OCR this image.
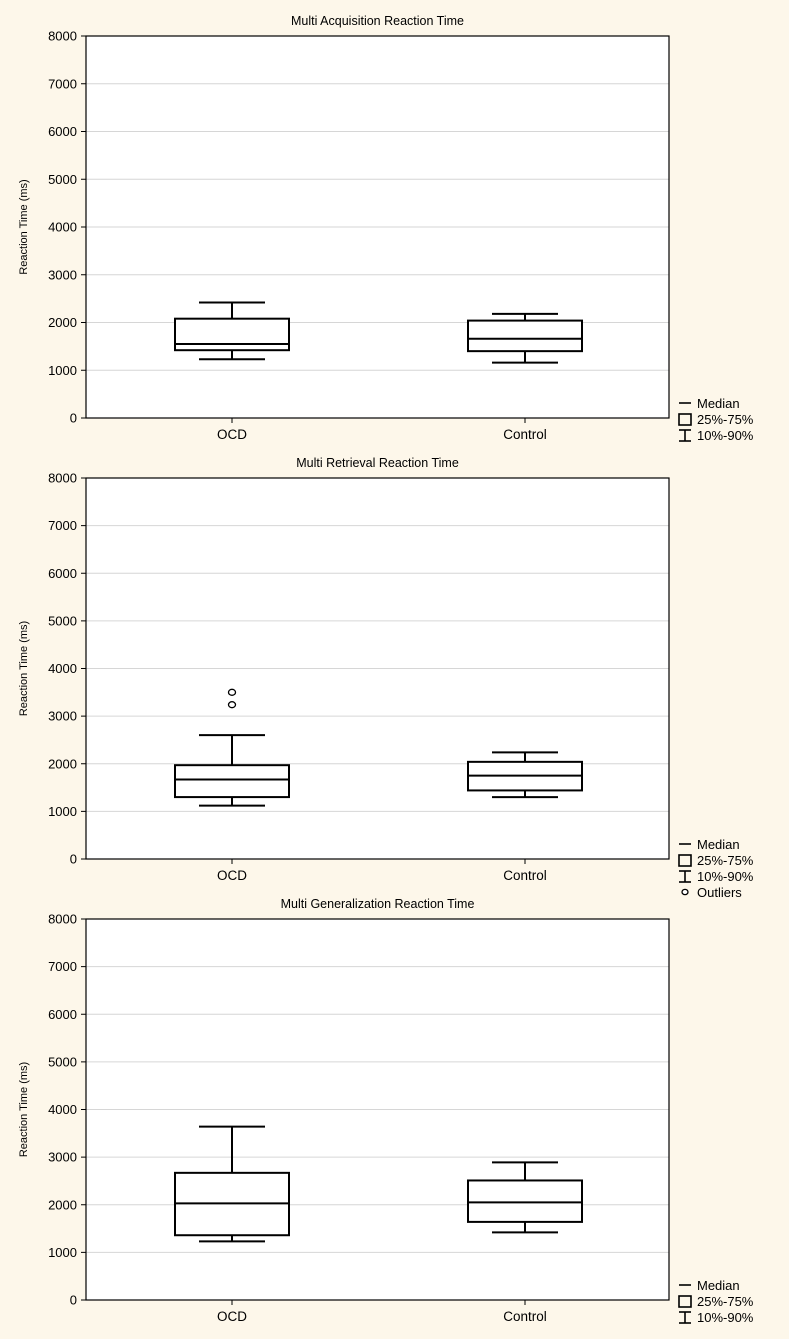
0
1000
2000
3000
4000
5000
6000
7000
8000
Multi Acquisition Reaction Time
Reaction Time (ms)
OCD	Control
Median
25%-75%
10%-90%
0
1000
2000
3000
4000
5000
6000
7000
8000
Multi Retrieval Reaction Time
Reaction Time (ms)
OCD	Control
Median
25%-75%
10%-90%
Outliers
0
1000
2000
3000
4000
5000
6000
7000
8000
Multi Generalization Reaction Time
Reaction Time (ms)
OCD	Control
Median
25%-75%
10%-90%
